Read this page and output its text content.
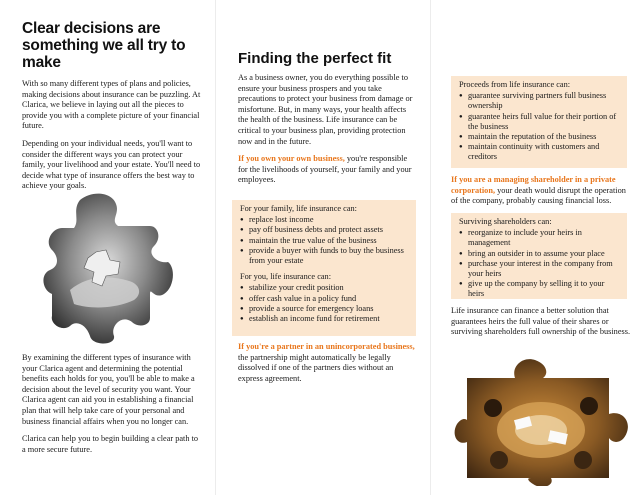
Clear decisions are something we all try to make

With so many different types of plans and policies, making decisions about insurance can be puzzling. At Clarica, we believe in laying out all the pieces to provide you with a complete picture of your financial future.

Depending on your individual needs, you'll want to consider the different ways you can protect your family, your livelihood and your estate. You'll need to decide what type of insurance offers the best way to achieve your goals.

By examining the different types of insurance with your Clarica agent and determining the potential benefits each holds for you, you'll be able to make a decision about the level of security you want. Your Clarica agent can aid you in establishing a financial plan that will help take care of your personal and business financial affairs when you no longer can.

Clarica can help you to begin building a clear path to a more secure future.

Finding the perfect fit

As a business owner, you do everything possible to ensure your business prospers and you take precautions to protect your business from damage or misfortune. But, in many ways, your health affects the health of the business. Life insurance can be critical to your business plan, providing protection now and in the future.

If you own your own business, you're responsible for the livelihoods of yourself, your family and your employees.

For your family, life insurance can:
● replace lost income
● pay off business debts and protect assets
● maintain the true value of the business
● provide a buyer with funds to buy the business from your estate
For you, life insurance can:
● stabilize your credit position
● offer cash value in a policy fund
● provide a source for emergency loans
● establish an income fund for retirement

If you're a partner in an unincorporated business, the partnership might automatically be legally dissolved if one of the partners dies without an express agreement.

Proceeds from life insurance can:
● guarantee surviving partners full business ownership
● guarantee heirs full value for their portion of the business
● maintain the reputation of the business
● maintain continuity with customers and creditors

If you are a managing shareholder in a private corporation, your death would disrupt the operation of the company, probably causing financial loss.

Surviving shareholders can:
● reorganize to include your heirs in management
● bring an outsider in to assume your place
● purchase your interest in the company from your heirs
● give up the company by selling it to your heirs

Life insurance can finance a better solution that guarantees heirs the full value of their shares or surviving shareholders full ownership of the business.
